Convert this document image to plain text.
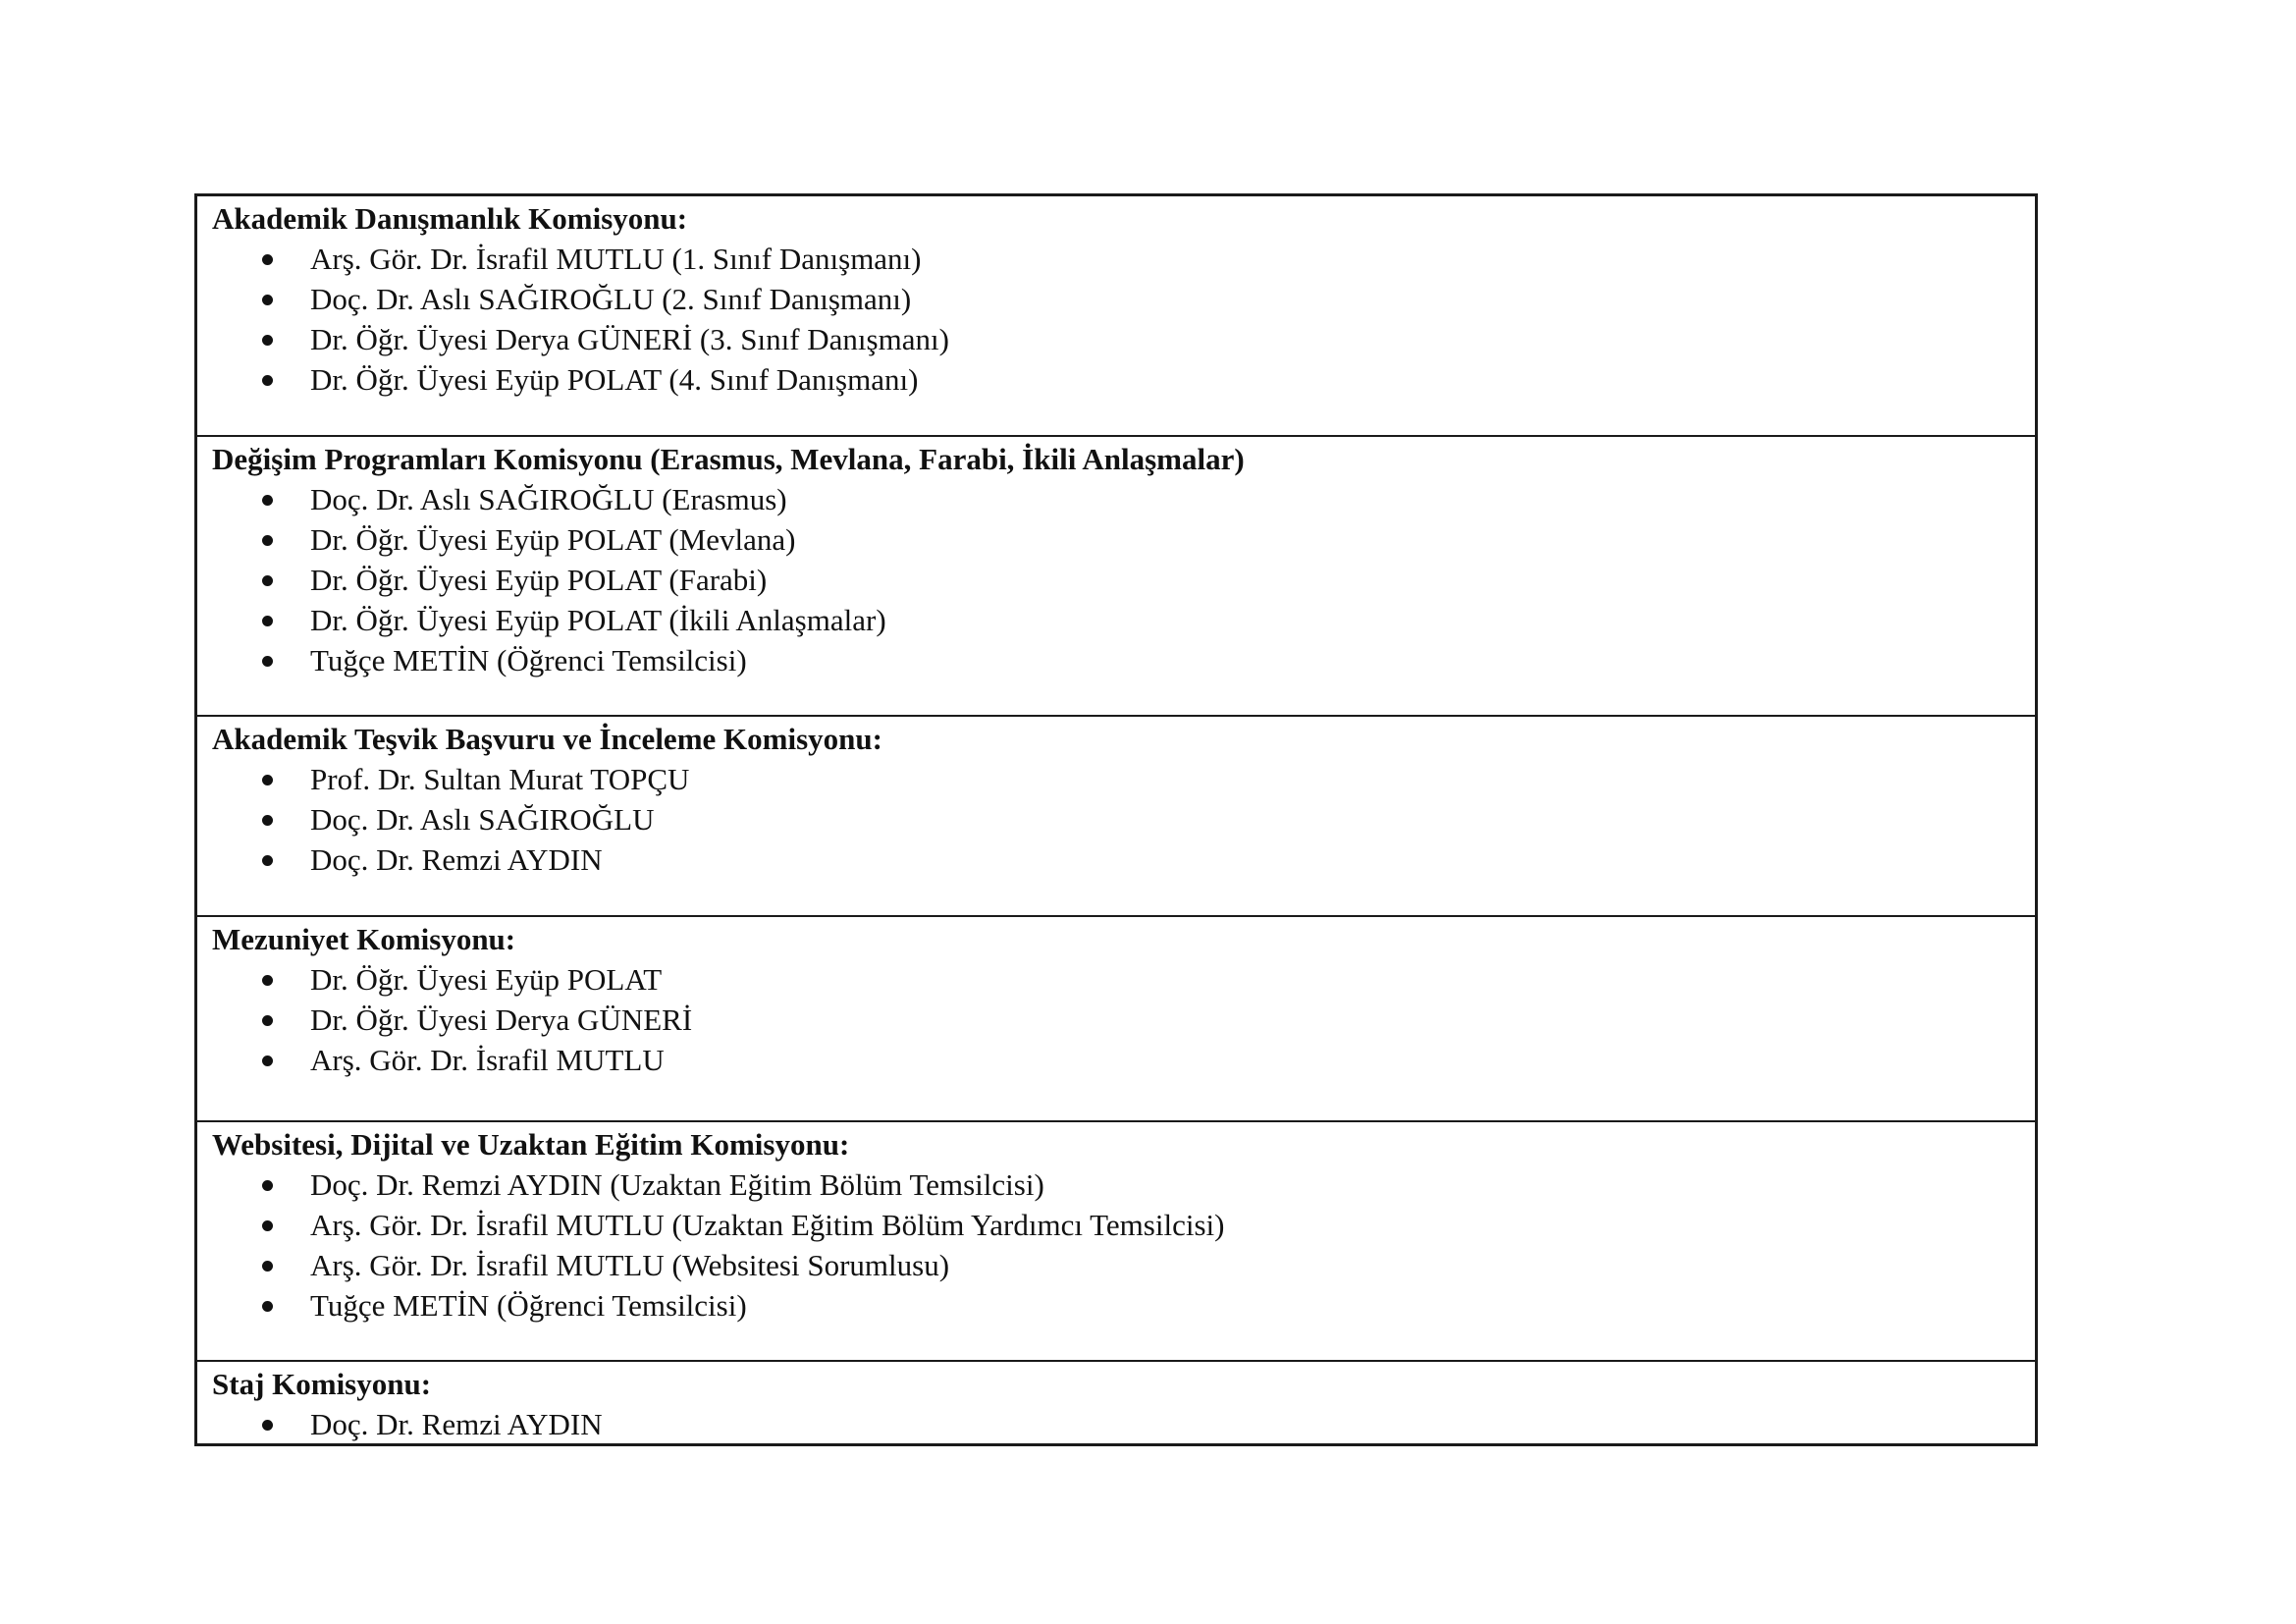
Akademik Danışmanlık Komisyonu:
Arş. Gör. Dr. İsrafil MUTLU (1. Sınıf Danışmanı)
Doç. Dr. Aslı SAĞIROĞLU (2. Sınıf Danışmanı)
Dr. Öğr. Üyesi Derya GÜNERİ (3. Sınıf Danışmanı)
Dr. Öğr. Üyesi Eyüp POLAT (4. Sınıf Danışmanı)
Değişim Programları Komisyonu (Erasmus, Mevlana, Farabi, İkili Anlaşmalar)
Doç. Dr. Aslı SAĞIROĞLU (Erasmus)
Dr. Öğr. Üyesi Eyüp POLAT (Mevlana)
Dr. Öğr. Üyesi Eyüp POLAT (Farabi)
Dr. Öğr. Üyesi Eyüp POLAT (İkili Anlaşmalar)
Tuğçe METİN (Öğrenci Temsilcisi)
Akademik Teşvik Başvuru ve İnceleme Komisyonu:
Prof. Dr. Sultan Murat TOPÇU
Doç. Dr. Aslı SAĞIROĞLU
Doç. Dr. Remzi AYDIN
Mezuniyet Komisyonu:
Dr. Öğr. Üyesi Eyüp POLAT
Dr. Öğr. Üyesi Derya GÜNERİ
Arş. Gör. Dr. İsrafil MUTLU
Websitesi, Dijital ve Uzaktan Eğitim Komisyonu:
Doç. Dr. Remzi AYDIN (Uzaktan Eğitim Bölüm Temsilcisi)
Arş. Gör. Dr. İsrafil MUTLU (Uzaktan Eğitim Bölüm Yardımcı Temsilcisi)
Arş. Gör. Dr. İsrafil MUTLU (Websitesi Sorumlusu)
Tuğçe METİN (Öğrenci Temsilcisi)
Staj Komisyonu:
Doç. Dr. Remzi AYDIN
